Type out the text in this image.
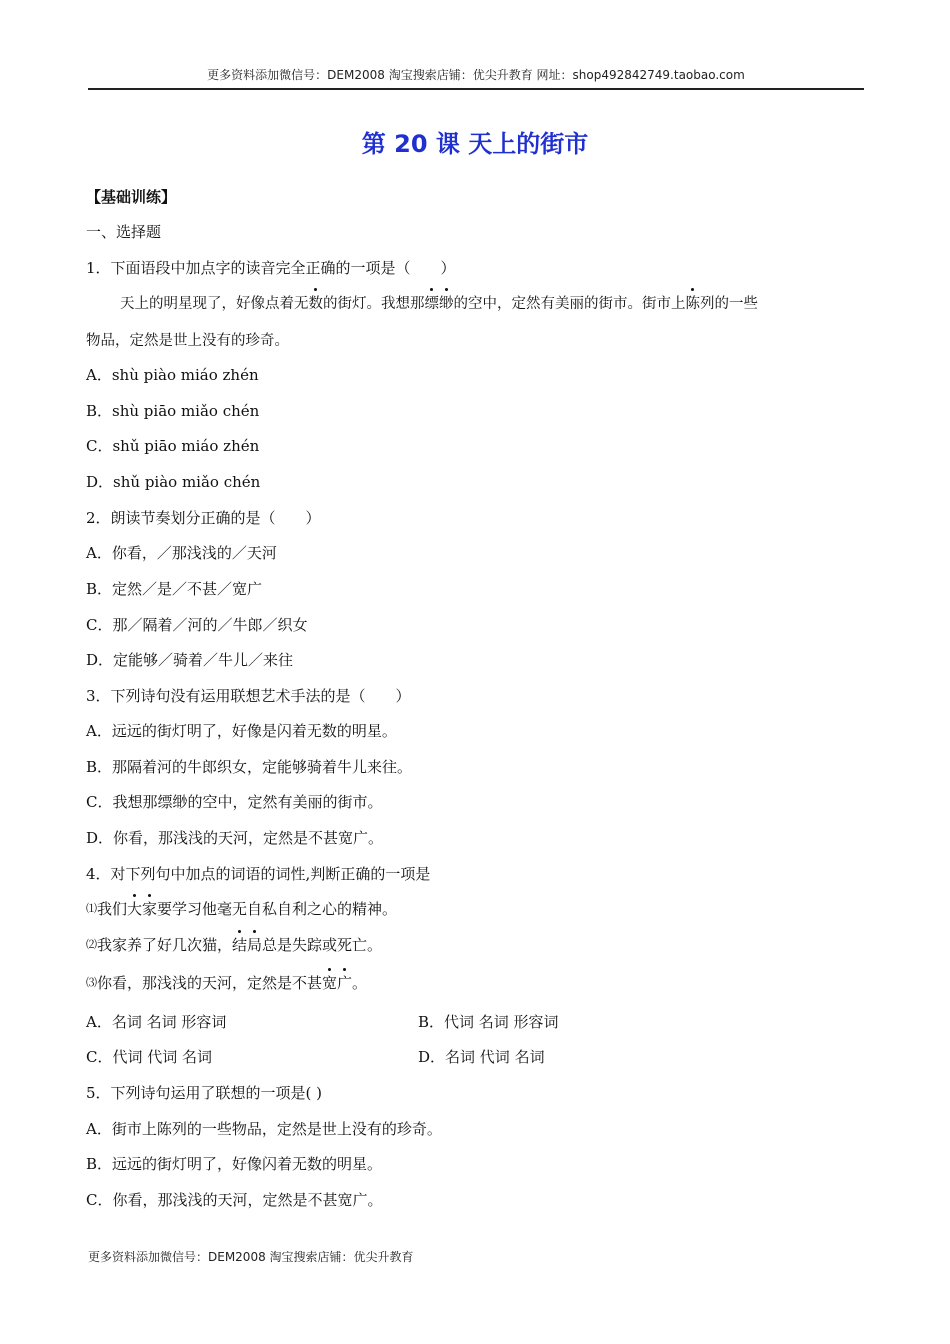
更多资料添加微信号：DEM2008 淘宝搜索店铺：优尖升教育 网址：shop492842749.taobao.com
第 20 课 天上的街市
【基础训练】
一、选择题
1．下面语段中加点字的读音完全正确的一项是（　　）
天上的明星现了，好像点着无数的街灯。我想那缥缈的空中，定然有美丽的街市。街市上陈列的一些
物品，定然是世上没有的珍奇。
A．shù piào miáo zhén
B．shù piāo miǎo chén
C．shǔ piāo miáo zhén
D．shǔ piào miǎo chén
2．朗读节奏划分正确的是（　　）
A．你看，／那浅浅的／天河
B．定然／是／不甚／宽广
C．那／隔着／河的／牛郎／织女
D．定能够／骑着／牛儿／来往
3．下列诗句没有运用联想艺术手法的是（　　）
A．远远的街灯明了，好像是闪着无数的明星。
B．那隔着河的牛郎织女，定能够骑着牛儿来往。
C．我想那缥缈的空中，定然有美丽的街市。
D．你看，那浅浅的天河，定然是不甚宽广。
4．对下列句中加点的词语的词性,判断正确的一项是
⑴我们大家要学习他毫无自私自利之心的精神。
⑵我家养了好几次猫，结局总是失踪或死亡。
⑶你看，那浅浅的天河，定然是不甚宽广。
A．名词 名词 形容词	B．代词 名词 形容词
C．代词 代词 名词	D．名词 代词 名词
5．下列诗句运用了联想的一项是( )
A．街市上陈列的一些物品，定然是世上没有的珍奇。
B．远远的街灯明了，好像闪着无数的明星。
C．你看，那浅浅的天河，定然是不甚宽广。
更多资料添加微信号：DEM2008 淘宝搜索店铺：优尖升教育
